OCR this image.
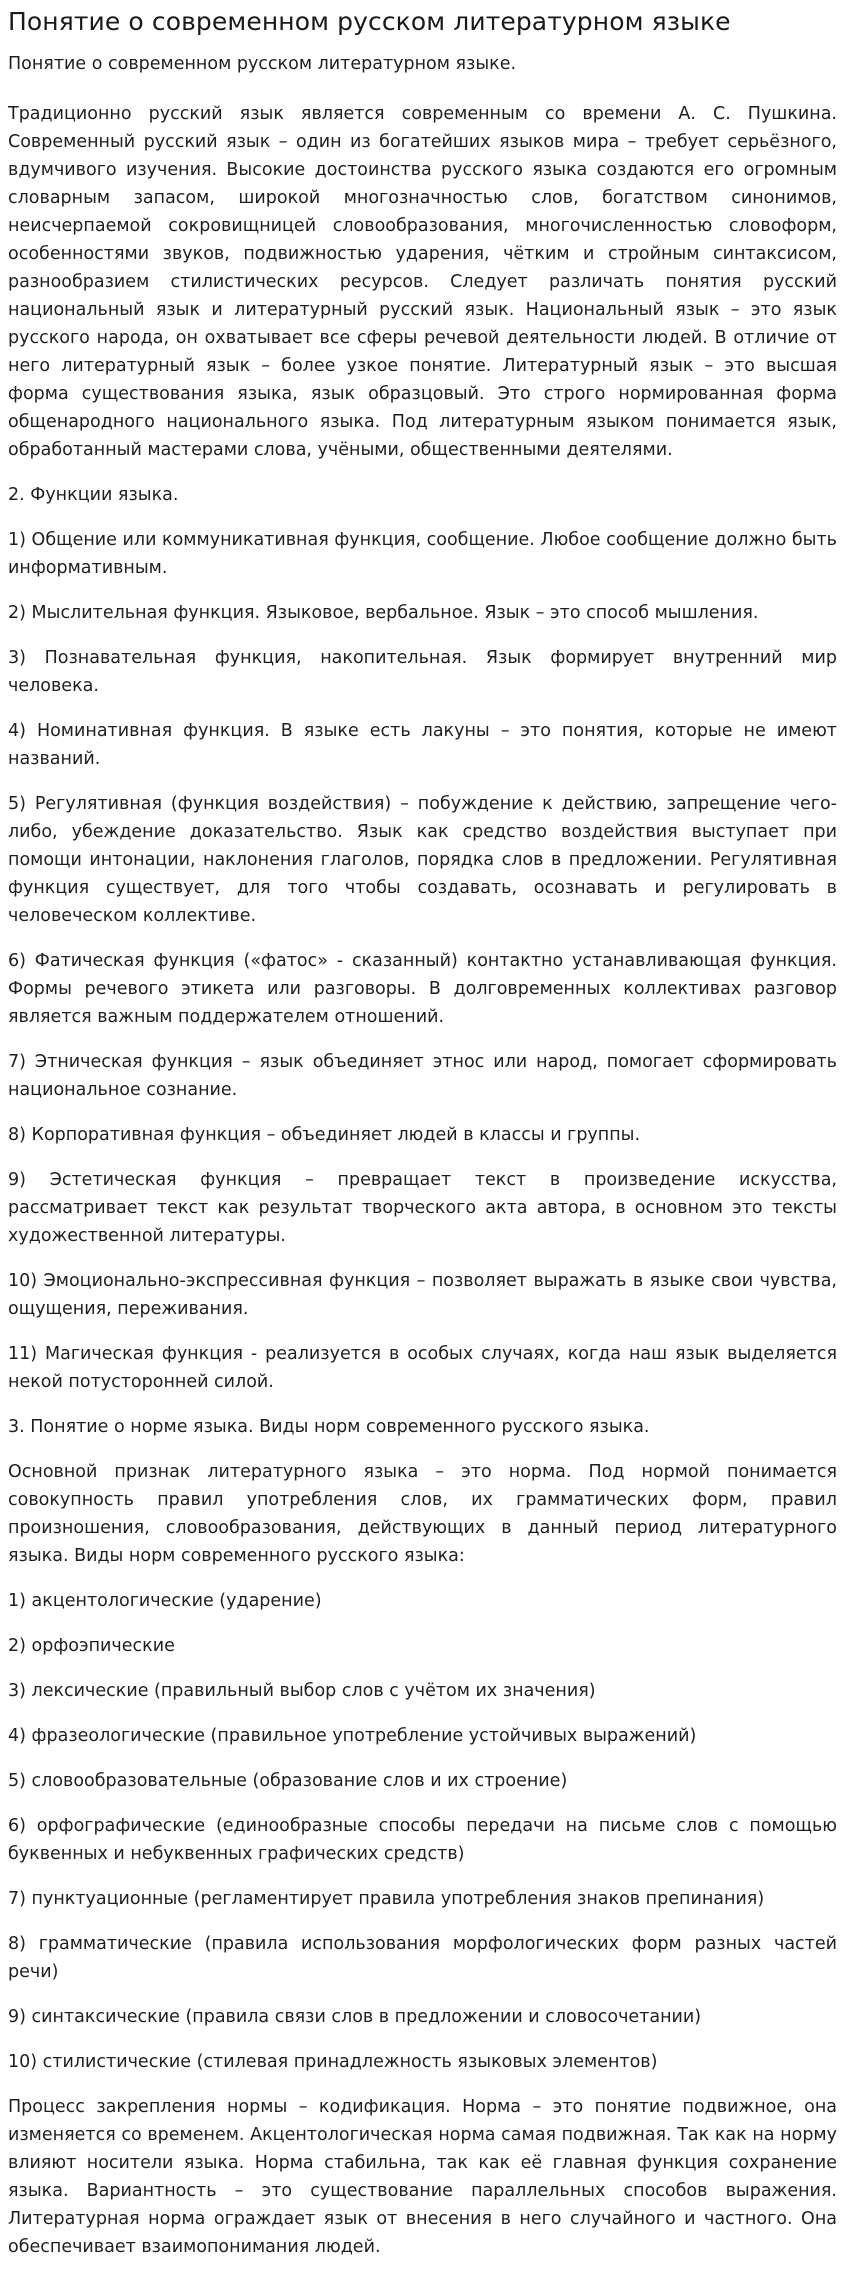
Понятие о современном русском литературном языке

Понятие о современном русском литературном языке.

Традиционно русский язык является современным со времени А. С. Пушкина. Современный русский язык – один из богатейших языков мира – требует серьёзного, вдумчивого изучения. Высокие достоинства русского языка создаются его огромным словарным запасом, широкой многозначностью слов, богатством синонимов, неисчерпаемой сокровищницей словообразования, многочисленностью словоформ, особенностями звуков, подвижностью ударения, чётким и стройным синтаксисом, разнообразием стилистических ресурсов. Следует различать понятия русский национальный язык и литературный русский язык. Национальный язык – это язык русского народа, он охватывает все сферы речевой деятельности людей. В отличие от него литературный язык – более узкое понятие. Литературный язык – это высшая форма существования языка, язык образцовый. Это строго нормированная форма общенародного национального языка. Под литературным языком понимается язык, обработанный мастерами слова, учёными, общественными деятелями.

2. Функции языка.

1) Общение или коммуникативная функция, сообщение. Любое сообщение должно быть информативным.

2) Мыслительная функция. Языковое, вербальное. Язык – это способ мышления.

3) Познавательная функция, накопительная. Язык формирует внутренний мир человека.

4) Номинативная функция. В языке есть лакуны – это понятия, которые не имеют названий.

5) Регулятивная (функция воздействия) – побуждение к действию, запрещение чего-либо, убеждение доказательство. Язык как средство воздействия выступает при помощи интонации, наклонения глаголов, порядка слов в предложении. Регулятивная функция существует, для того чтобы создавать, осознавать и регулировать в человеческом коллективе.

6) Фатическая функция («фатос» - сказанный) контактно устанавливающая функция. Формы речевого этикета или разговоры. В долговременных коллективах разговор является важным поддержателем отношений.

7) Этническая функция – язык объединяет этнос или народ, помогает сформировать национальное сознание.

8) Корпоративная функция – объединяет людей в классы и группы.

9) Эстетическая функция – превращает текст в произведение искусства, рассматривает текст как результат творческого акта автора, в основном это тексты художественной литературы.

10) Эмоционально-экспрессивная функция – позволяет выражать в языке свои чувства, ощущения, переживания.

11) Магическая функция - реализуется в особых случаях, когда наш язык выделяется некой потусторонней силой.

3. Понятие о норме языка. Виды норм современного русского языка.

Основной признак литературного языка – это норма. Под нормой понимается совокупность правил употребления слов, их грамматических форм, правил произношения, словообразования, действующих в данный период литературного языка. Виды норм современного русского языка:

1) акцентологические (ударение)

2) орфоэпические

3) лексические (правильный выбор слов с учётом их значения)

4) фразеологические (правильное употребление устойчивых выражений)

5) словообразовательные (образование слов и их строение)

6) орфографические (единообразные способы передачи на письме слов с помощью буквенных и небуквенных графических средств)

7) пунктуационные (регламентирует правила употребления знаков препинания)

8) грамматические (правила использования морфологических форм разных частей речи)

9) синтаксические (правила связи слов в предложении и словосочетании)

10) стилистические (стилевая принадлежность языковых элементов)

Процесс закрепления нормы – кодификация. Норма – это понятие подвижное, она изменяется со временем. Акцентологическая норма самая подвижная. Так как на норму влияют носители языка. Норма стабильна, так как её главная функция сохранение языка. Вариантность – это существование параллельных способов выражения. Литературная норма ограждает язык от внесения в него случайного и частного. Она обеспечивает взаимопонимания людей.
